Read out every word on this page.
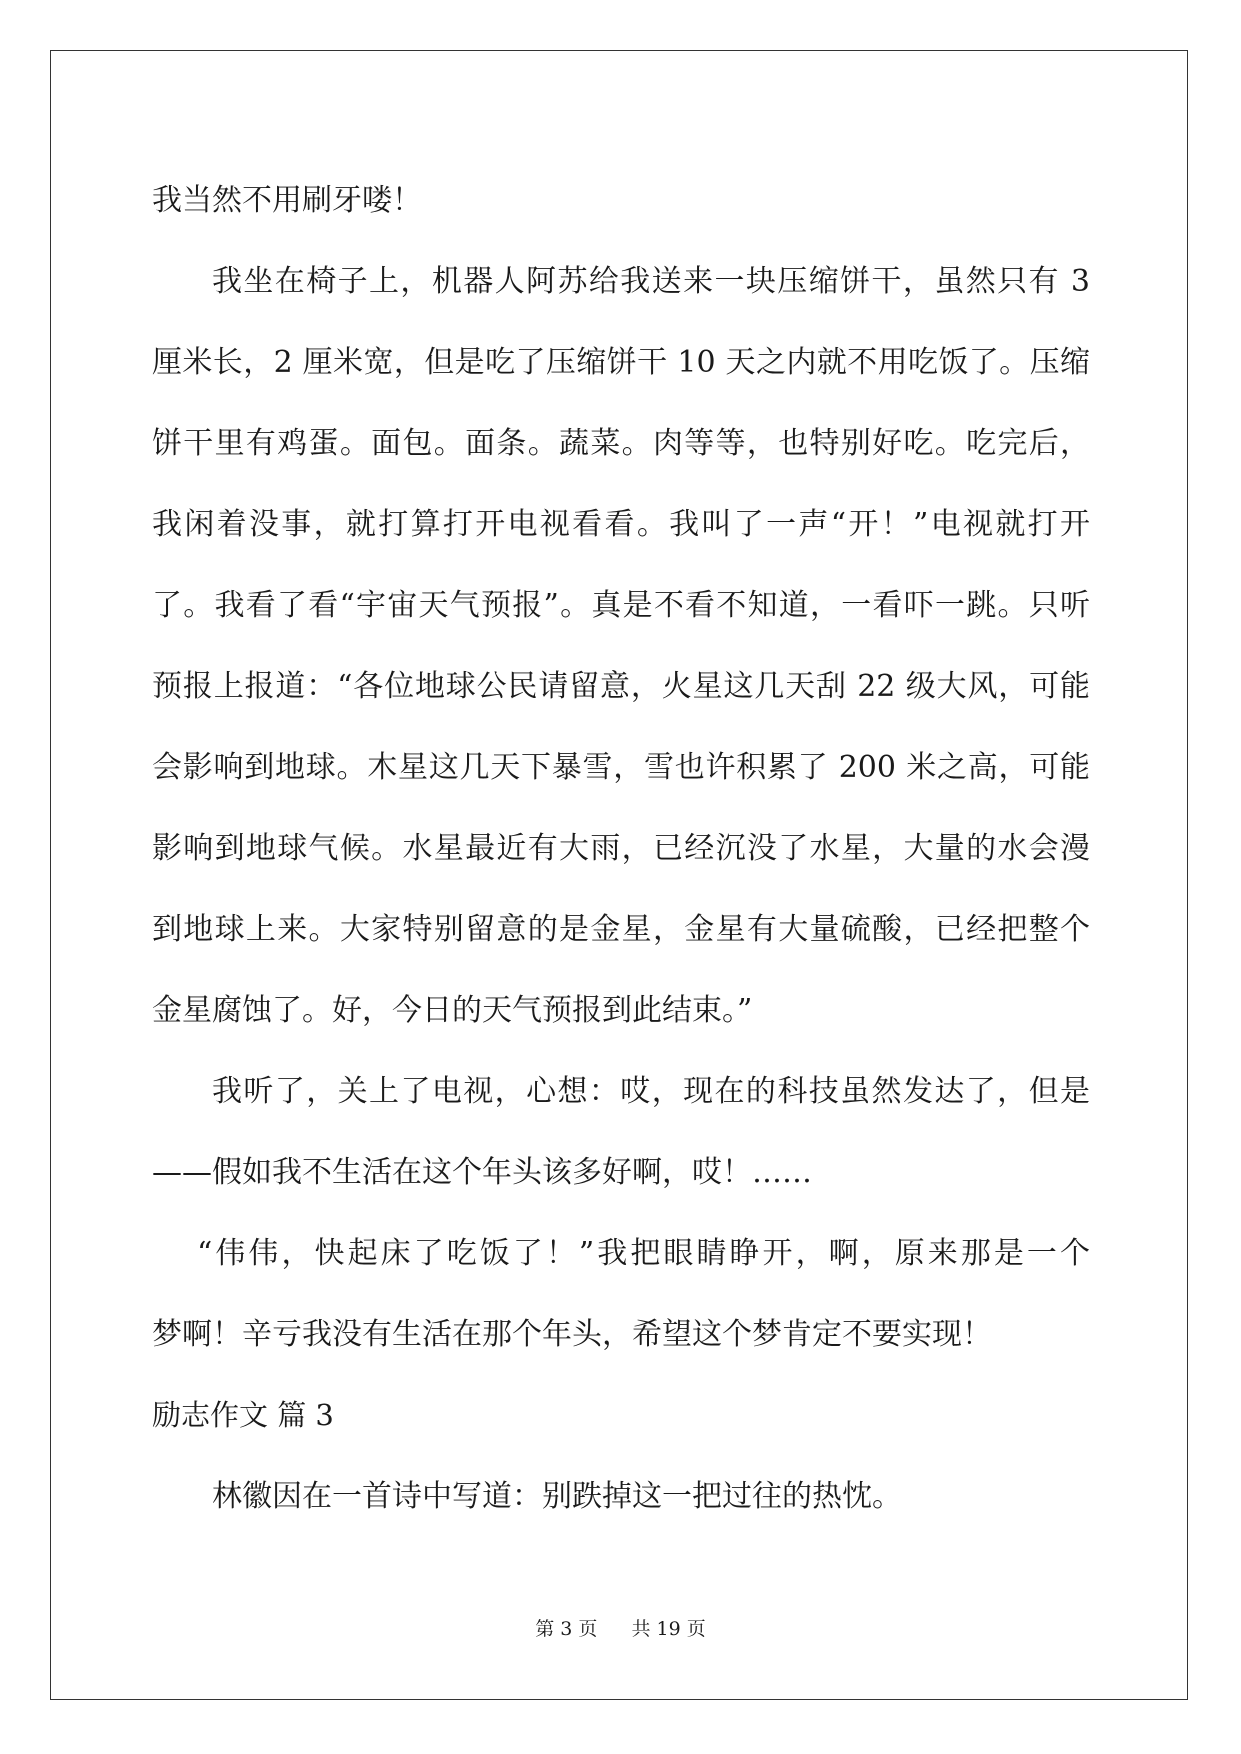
我当然不用刷牙喽！
我坐在椅子上，机器人阿苏给我送来一块压缩饼干，虽然只有 3
厘米长，2 厘米宽，但是吃了压缩饼干 10 天之内就不用吃饭了。压缩
饼干里有鸡蛋。面包。面条。蔬菜。肉等等，也特别好吃。吃完后，
我闲着没事，就打算打开电视看看。我叫了一声“开！”电视就打开
了。我看了看“宇宙天气预报”。真是不看不知道，一看吓一跳。只听
预报上报道：“各位地球公民请留意，火星这几天刮 22 级大风，可能
会影响到地球。木星这几天下暴雪，雪也许积累了 200 米之高，可能
影响到地球气候。水星最近有大雨，已经沉没了水星，大量的水会漫
到地球上来。大家特别留意的是金星，金星有大量硫酸，已经把整个
金星腐蚀了。好，今日的天气预报到此结束。”
我听了，关上了电视，心想：哎，现在的科技虽然发达了，但是
——假如我不生活在这个年头该多好啊，哎！……
“伟伟，快起床了吃饭了！”我把眼睛睁开，啊，原来那是一个
梦啊！辛亏我没有生活在那个年头，希望这个梦肯定不要实现！
励志作文 篇 3
林徽因在一首诗中写道：别跌掉这一把过往的热忱。
第 3 页 共 19 页
